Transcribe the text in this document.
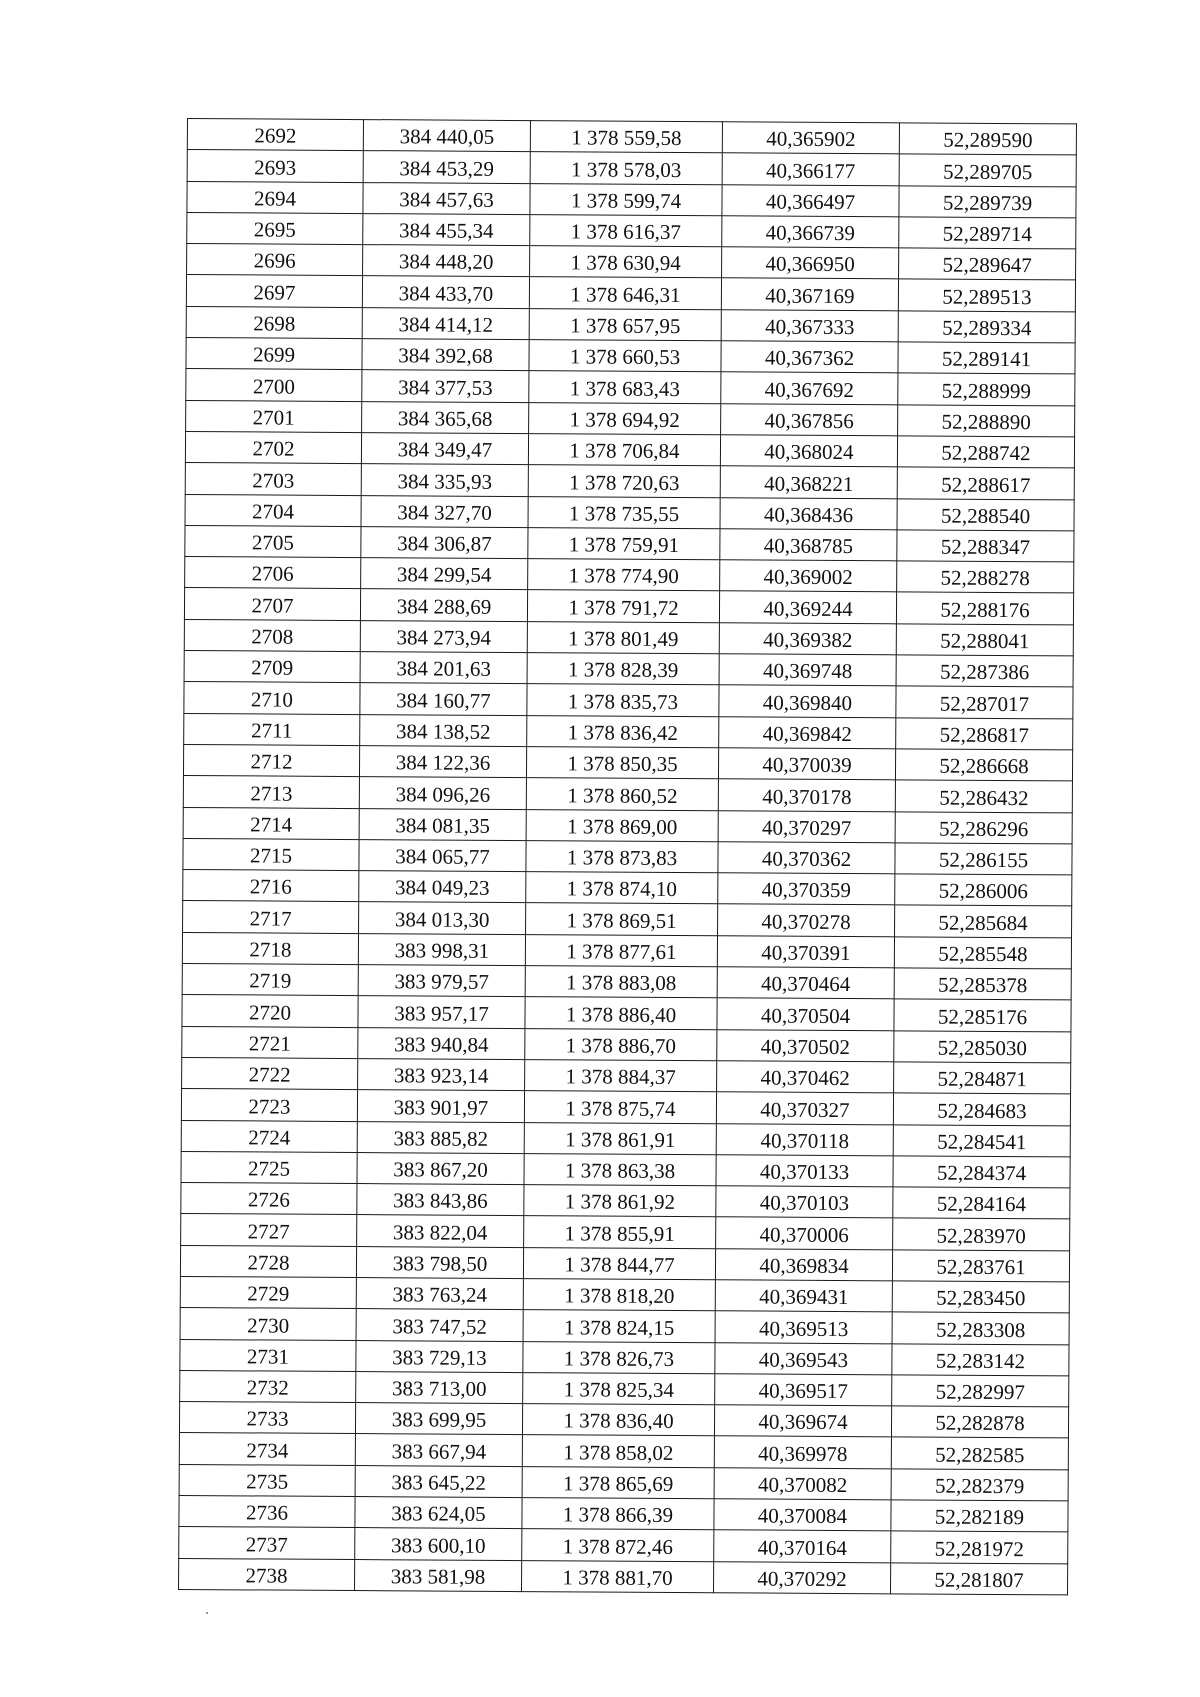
2692	384 440,05	1 378 559,58	40,365902	52,289590
2693	384 453,29	1 378 578,03	40,366177	52,289705
2694	384 457,63	1 378 599,74	40,366497	52,289739
2695	384 455,34	1 378 616,37	40,366739	52,289714
2696	384 448,20	1 378 630,94	40,366950	52,289647
2697	384 433,70	1 378 646,31	40,367169	52,289513
2698	384 414,12	1 378 657,95	40,367333	52,289334
2699	384 392,68	1 378 660,53	40,367362	52,289141
2700	384 377,53	1 378 683,43	40,367692	52,288999
2701	384 365,68	1 378 694,92	40,367856	52,288890
2702	384 349,47	1 378 706,84	40,368024	52,288742
2703	384 335,93	1 378 720,63	40,368221	52,288617
2704	384 327,70	1 378 735,55	40,368436	52,288540
2705	384 306,87	1 378 759,91	40,368785	52,288347
2706	384 299,54	1 378 774,90	40,369002	52,288278
2707	384 288,69	1 378 791,72	40,369244	52,288176
2708	384 273,94	1 378 801,49	40,369382	52,288041
2709	384 201,63	1 378 828,39	40,369748	52,287386
2710	384 160,77	1 378 835,73	40,369840	52,287017
2711	384 138,52	1 378 836,42	40,369842	52,286817
2712	384 122,36	1 378 850,35	40,370039	52,286668
2713	384 096,26	1 378 860,52	40,370178	52,286432
2714	384 081,35	1 378 869,00	40,370297	52,286296
2715	384 065,77	1 378 873,83	40,370362	52,286155
2716	384 049,23	1 378 874,10	40,370359	52,286006
2717	384 013,30	1 378 869,51	40,370278	52,285684
2718	383 998,31	1 378 877,61	40,370391	52,285548
2719	383 979,57	1 378 883,08	40,370464	52,285378
2720	383 957,17	1 378 886,40	40,370504	52,285176
2721	383 940,84	1 378 886,70	40,370502	52,285030
2722	383 923,14	1 378 884,37	40,370462	52,284871
2723	383 901,97	1 378 875,74	40,370327	52,284683
2724	383 885,82	1 378 861,91	40,370118	52,284541
2725	383 867,20	1 378 863,38	40,370133	52,284374
2726	383 843,86	1 378 861,92	40,370103	52,284164
2727	383 822,04	1 378 855,91	40,370006	52,283970
2728	383 798,50	1 378 844,77	40,369834	52,283761
2729	383 763,24	1 378 818,20	40,369431	52,283450
2730	383 747,52	1 378 824,15	40,369513	52,283308
2731	383 729,13	1 378 826,73	40,369543	52,283142
2732	383 713,00	1 378 825,34	40,369517	52,282997
2733	383 699,95	1 378 836,40	40,369674	52,282878
2734	383 667,94	1 378 858,02	40,369978	52,282585
2735	383 645,22	1 378 865,69	40,370082	52,282379
2736	383 624,05	1 378 866,39	40,370084	52,282189
2737	383 600,10	1 378 872,46	40,370164	52,281972
2738	383 581,98	1 378 881,70	40,370292	52,281807
